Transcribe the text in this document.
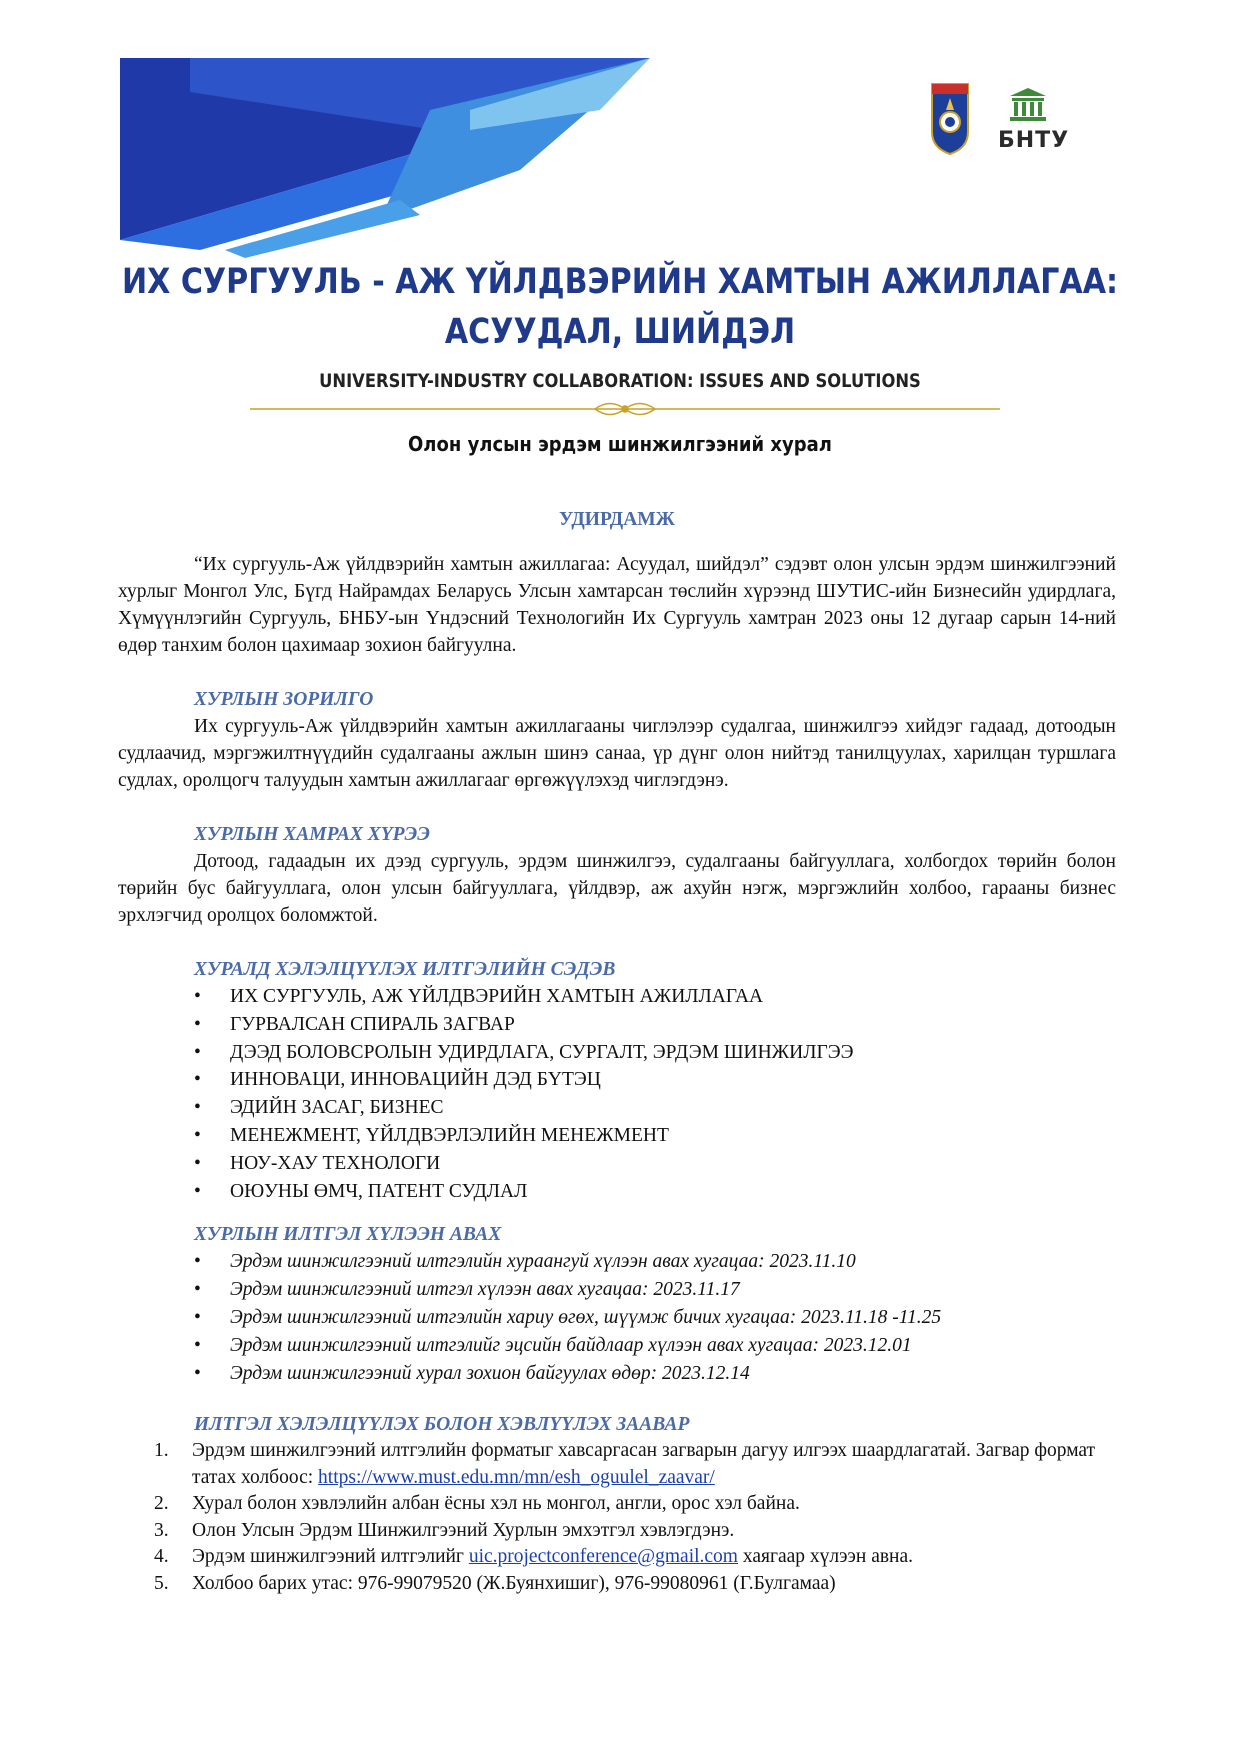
БНТУ
ИХ СУРГУУЛЬ - АЖ ҮЙЛДВЭРИЙН ХАМТЫН АЖИЛЛАГАА:
АСУУДАЛ, ШИЙДЭЛ
UNIVERSITY-INDUSTRY COLLABORATION: ISSUES AND SOLUTIONS
Олон улсын эрдэм шинжилгээний хурал
УДИРДАМЖ

“Их сургууль-Аж үйлдвэрийн хамтын ажиллагаа: Асуудал, шийдэл” сэдэвт олон улсын эрдэм шинжилгээний хурлыг Монгол Улс, Бүгд Найрамдах Беларусь Улсын хамтарсан төслийн хүрээнд ШУТИС-ийн Бизнесийн удирдлага, Хүмүүнлэгийн Сургууль, БНБУ-ын Үндэсний Технологийн Их Сургууль хамтран 2023 оны 12 дугаар сарын 14-ний өдөр танхим болон цахимаар зохион байгуулна.

ХУРЛЫН ЗОРИЛГО

Их сургууль-Аж үйлдвэрийн хамтын ажиллагааны чиглэлээр судалгаа, шинжилгээ хийдэг гадаад, дотоодын судлаачид, мэргэжилтнүүдийн судалгааны ажлын шинэ санаа, үр дүнг олон нийтэд танилцуулах, харилцан туршлага судлах, оролцогч талуудын хамтын ажиллагааг өргөжүүлэхэд чиглэгдэнэ.

ХУРЛЫН ХАМРАХ ХҮРЭЭ

Дотоод, гадаадын их дээд сургууль, эрдэм шинжилгээ, судалгааны байгууллага, холбогдох төрийн болон төрийн бус байгууллага, олон улсын байгууллага, үйлдвэр, аж ахуйн нэгж, мэргэжлийн холбоо, гарааны бизнес эрхлэгчид оролцох боломжтой.

ХУРАЛД ХЭЛЭЛЦҮҮЛЭХ ИЛТГЭЛИЙН СЭДЭВ
• ИХ СУРГУУЛЬ, АЖ ҮЙЛДВЭРИЙН ХАМТЫН АЖИЛЛАГАА
• ГУРВАЛСАН СПИРАЛЬ ЗАГВАР
• ДЭЭД БОЛОВСРОЛЫН УДИРДЛАГА, СУРГАЛТ, ЭРДЭМ ШИНЖИЛГЭЭ
• ИННОВАЦИ, ИННОВАЦИЙН ДЭД БҮТЭЦ
• ЭДИЙН ЗАСАГ, БИЗНЕС
• МЕНЕЖМЕНТ, ҮЙЛДВЭРЛЭЛИЙН МЕНЕЖМЕНТ
• НОУ-ХАУ ТЕХНОЛОГИ
• ОЮУНЫ ӨМЧ, ПАТЕНТ СУДЛАЛ
ХУРЛЫН ИЛТГЭЛ ХҮЛЭЭН АВАХ
• Эрдэм шинжилгээний илтгэлийн хураангуй хүлээн авах хугацаа: 2023.11.10
• Эрдэм шинжилгээний илтгэл хүлээн авах хугацаа: 2023.11.17
• Эрдэм шинжилгээний илтгэлийн хариу өгөх, шүүмж бичих хугацаа: 2023.11.18 -11.25
• Эрдэм шинжилгээний илтгэлийг эцсийн байдлаар хүлээн авах хугацаа: 2023.12.01
• Эрдэм шинжилгээний хурал зохион байгуулах өдөр: 2023.12.14
ИЛТГЭЛ ХЭЛЭЛЦҮҮЛЭХ БОЛОН ХЭВЛҮҮЛЭХ ЗААВАР
1. Эрдэм шинжилгээний илтгэлийн форматыг хавсаргасан загварын дагуу илгээх шаардлагатай. Загвар формат татах холбоос: https://www.must.edu.mn/mn/esh_oguulel_zaavar/
2. Хурал болон хэвлэлийн албан ёсны хэл нь монгол, англи, орос хэл байна.
3. Олон Улсын Эрдэм Шинжилгээний Хурлын эмхэтгэл хэвлэгдэнэ.
4. Эрдэм шинжилгээний илтгэлийг uic.projectconference@gmail.com хаягаар хүлээн авна.
5. Холбоо барих утас: 976-99079520 (Ж.Буянхишиг), 976-99080961 (Г.Булгамаа)
